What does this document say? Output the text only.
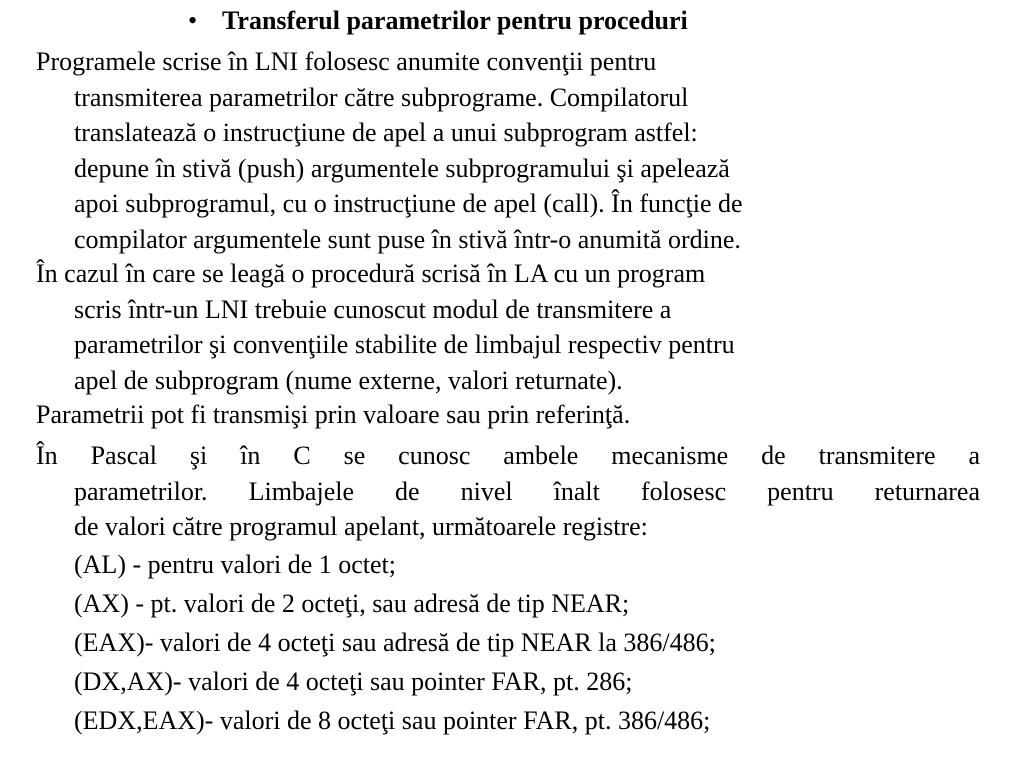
• Transferul parametrilor pentru proceduri
Programele scrise în LNI folosesc anumite convenţii pentru
transmiterea parametrilor către subprograme. Compilatorul
translatează o instrucţiune de apel a unui subprogram astfel:
depune în stivă (push) argumentele subprogramului şi apelează
apoi subprogramul, cu o instrucţiune de apel (call). În funcţie de
compilator argumentele sunt puse în stivă într-o anumită ordine.
În cazul în care se leagă o procedură scrisă în LA cu un program
scris într-un LNI trebuie cunoscut modul de transmitere a
parametrilor şi convenţiile stabilite de limbajul respectiv pentru
apel de subprogram (nume externe, valori returnate).
Parametrii pot fi transmişi prin valoare sau prin referinţă.
În Pascal şi în C se cunosc ambele mecanisme de transmitere a
parametrilor. Limbajele de nivel înalt folosesc pentru returnarea
de valori către programul apelant, următoarele registre:
(AL) - pentru valori de 1 octet;
(AX) - pt. valori de 2 octeţi, sau adresă de tip NEAR;
(EAX)- valori de 4 octeţi sau adresă de tip NEAR la 386/486;
(DX,AX)- valori de 4 octeţi sau pointer FAR, pt. 286;
(EDX,EAX)- valori de 8 octeţi sau pointer FAR, pt. 386/486;
